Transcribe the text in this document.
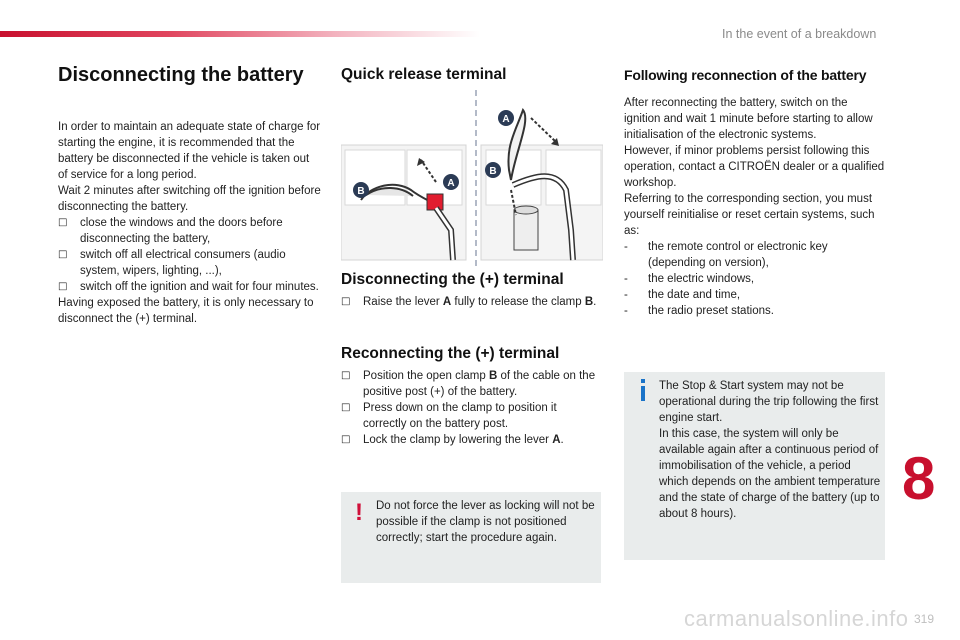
In the event of a breakdown
Disconnecting the battery

In order to maintain an adequate state of charge for starting the engine, it is recommended that the battery be disconnected if the vehicle is taken out of service for a long period.

Wait 2 minutes after switching off the ignition before disconnecting the battery.

□ close the windows and the doors before disconnecting the battery,
□ switch off all electrical consumers (audio system, wipers, lighting, ...),
□ switch off the ignition and wait for four minutes.

Having exposed the battery, it is only necessary to disconnect the (+) terminal.

Quick release terminal
B
A
A
B
Disconnecting the (+) terminal
□ Raise the lever A fully to release the clamp B.
Reconnecting the (+) terminal
□ Position the open clamp B of the cable on the positive post (+) of the battery.
□ Press down on the clamp to position it correctly on the battery post.
□ Lock the clamp by lowering the lever A.
! Do not force the lever as locking will not be possible if the clamp is not positioned correctly; start the procedure again.
Following reconnection of the battery

After reconnecting the battery, switch on the ignition and wait 1 minute before starting to allow initialisation of the electronic systems.

However, if minor problems persist following this operation, contact a CITROËN dealer or a qualified workshop.

Referring to the corresponding section, you must yourself reinitialise or reset certain systems, such as:

- the remote control or electronic key (depending on version),
- the electric windows,
- the date and time,
- the radio preset stations.
The Stop & Start system may not be operational during the trip following the first engine start.
In this case, the system will only be available again after a continuous period of immobilisation of the vehicle, a period which depends on the ambient temperature and the state of charge of the battery (up to about 8 hours).
8
carmanualsonline.info 319
